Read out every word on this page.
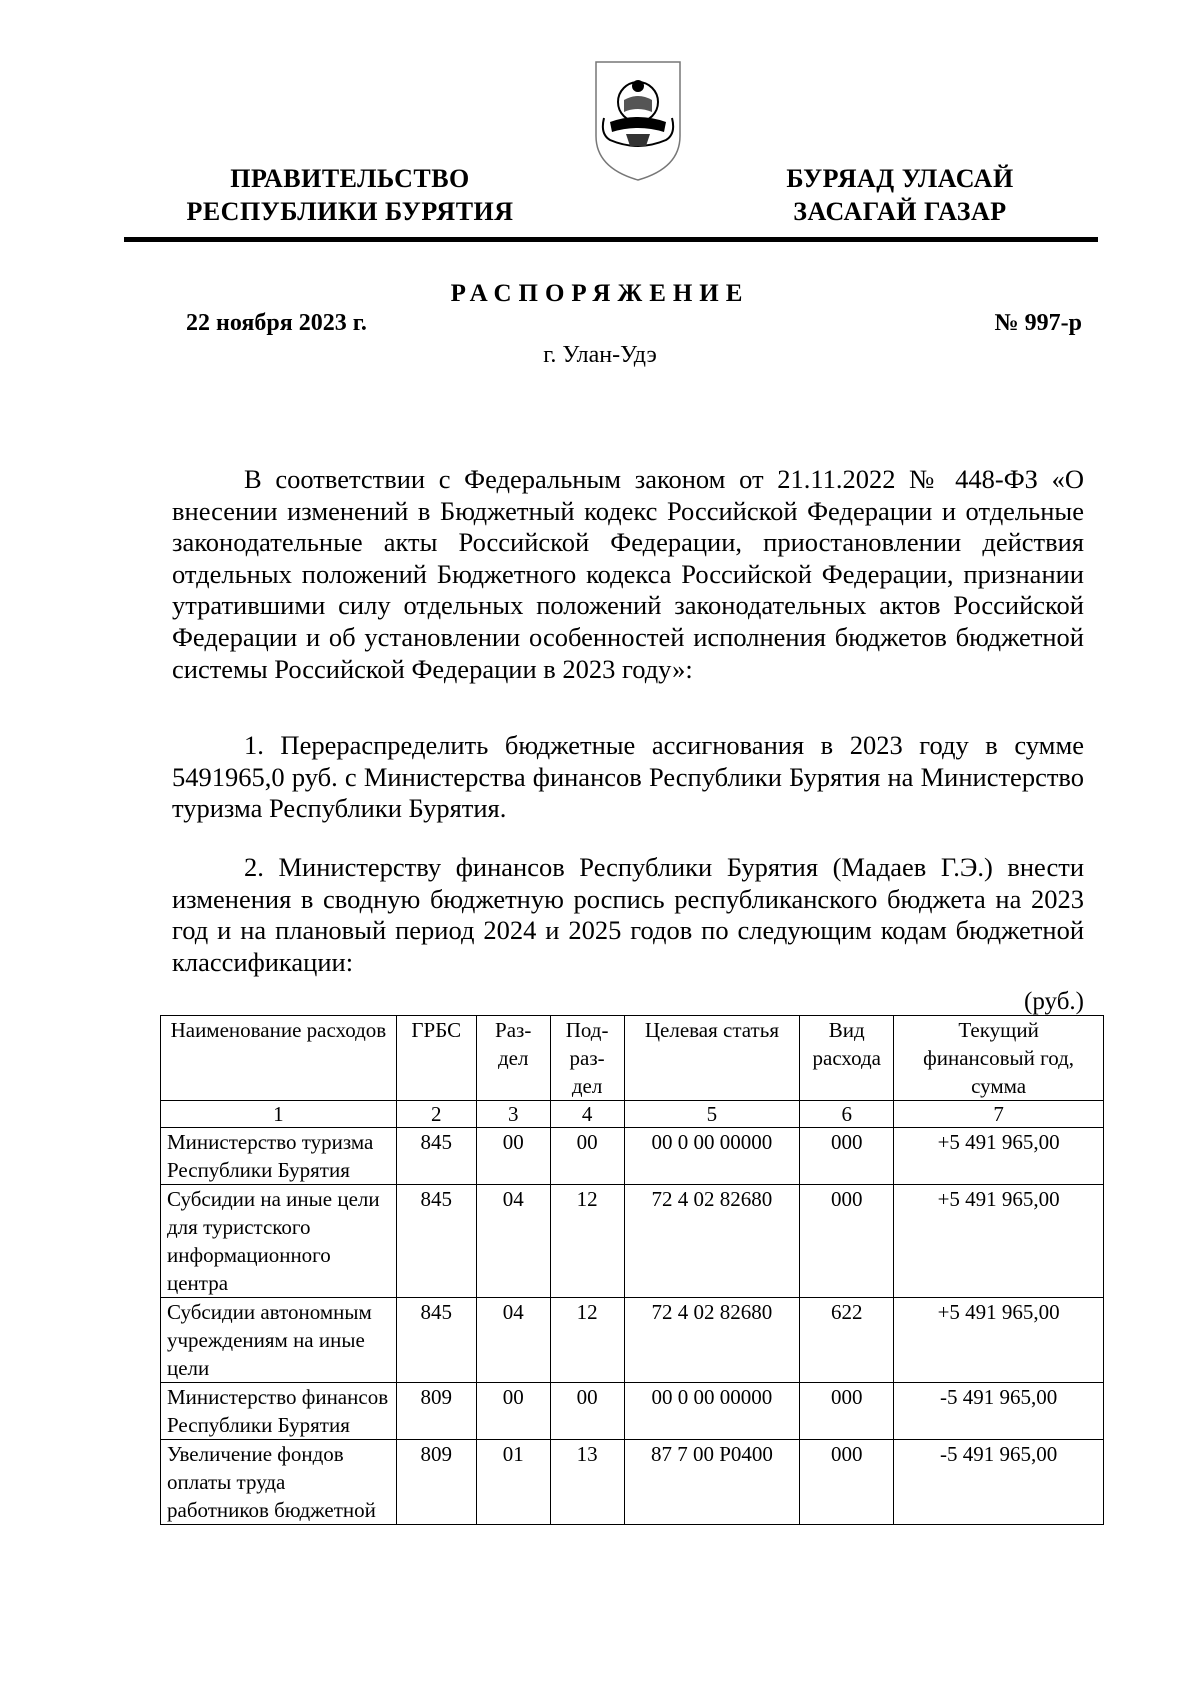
ПРАВИТЕЛЬСТВО
РЕСПУБЛИКИ БУРЯТИЯ
БУРЯАД УЛАСАЙ
ЗАСАГАЙ ГАЗАР
РАСПОРЯЖЕНИЕ
22 ноября 2023 г.	№ 997-р
г. Улан-Удэ

В соответствии с Федеральным законом от 21.11.2022 № 448-ФЗ «О внесении изменений в Бюджетный кодекс Российской Федерации и отдельные законодательные акты Российской Федерации, приостановлении действия отдельных положений Бюджетного кодекса Российской Федерации, признании утратившими силу отдельных положений законодательных актов Российской Федерации и об установлении особенностей исполнения бюджетов бюджетной системы Российской Федерации в 2023 году»:

1. Перераспределить бюджетные ассигнования в 2023 году в сумме 5491965,0 руб. с Министерства финансов Республики Бурятия на Министерство туризма Республики Бурятия.

2. Министерству финансов Республики Бурятия (Мадаев Г.Э.) внести изменения в сводную бюджетную роспись республиканского бюджета на 2023 год и на плановый период 2024 и 2025 годов по следующим кодам бюджетной классификации:

(руб.)
Наименование расходов	ГРБС	Раз-дел	Под-раз-дел	Целевая статья	Вид расхода	Текущий финансовый год, сумма
1	2	3	4	5	6	7
Министерство туризма Республики Бурятия	845	00	00	00 0 00 00000	000	+5 491 965,00
Субсидии на иные цели для туристского информационного центра	845	04	12	72 4 02 82680	000	+5 491 965,00
Субсидии автономным учреждениям на иные цели	845	04	12	72 4 02 82680	622	+5 491 965,00
Министерство финансов Республики Бурятия	809	00	00	00 0 00 00000	000	-5 491 965,00
Увеличение фондов оплаты труда работников бюджетной	809	01	13	87 7 00 Р0400	000	-5 491 965,00
